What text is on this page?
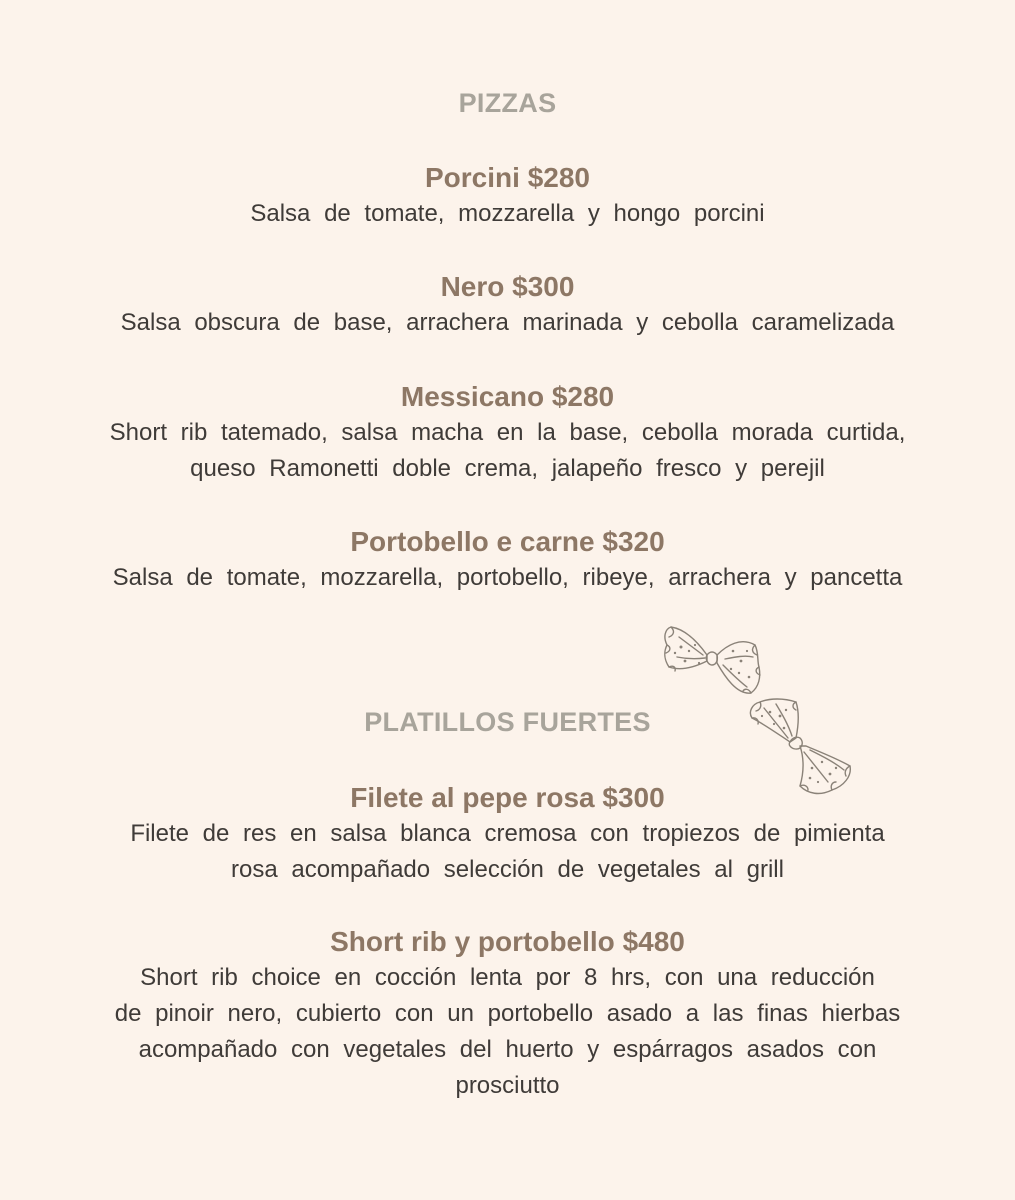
PIZZAS

Porcini $280

Salsa de tomate, mozzarella y hongo porcini

Nero $300

Salsa obscura de base, arrachera marinada y cebolla caramelizada

Messicano $280

Short rib tatemado, salsa macha en la base, cebolla morada curtida,
queso Ramonetti doble crema, jalapeño fresco y perejil

Portobello e carne $320

Salsa de tomate, mozzarella, portobello, ribeye, arrachera y pancetta

PLATILLOS FUERTES

Filete al pepe rosa $300

Filete de res en salsa blanca cremosa con tropiezos de pimienta
rosa acompañado selección de vegetales al grill

Short rib y portobello $480

Short rib choice en cocción lenta por 8 hrs, con una reducción
de pinoir nero, cubierto con un portobello asado a las finas hierbas
acompañado con vegetales del huerto y espárragos asados con
prosciutto
